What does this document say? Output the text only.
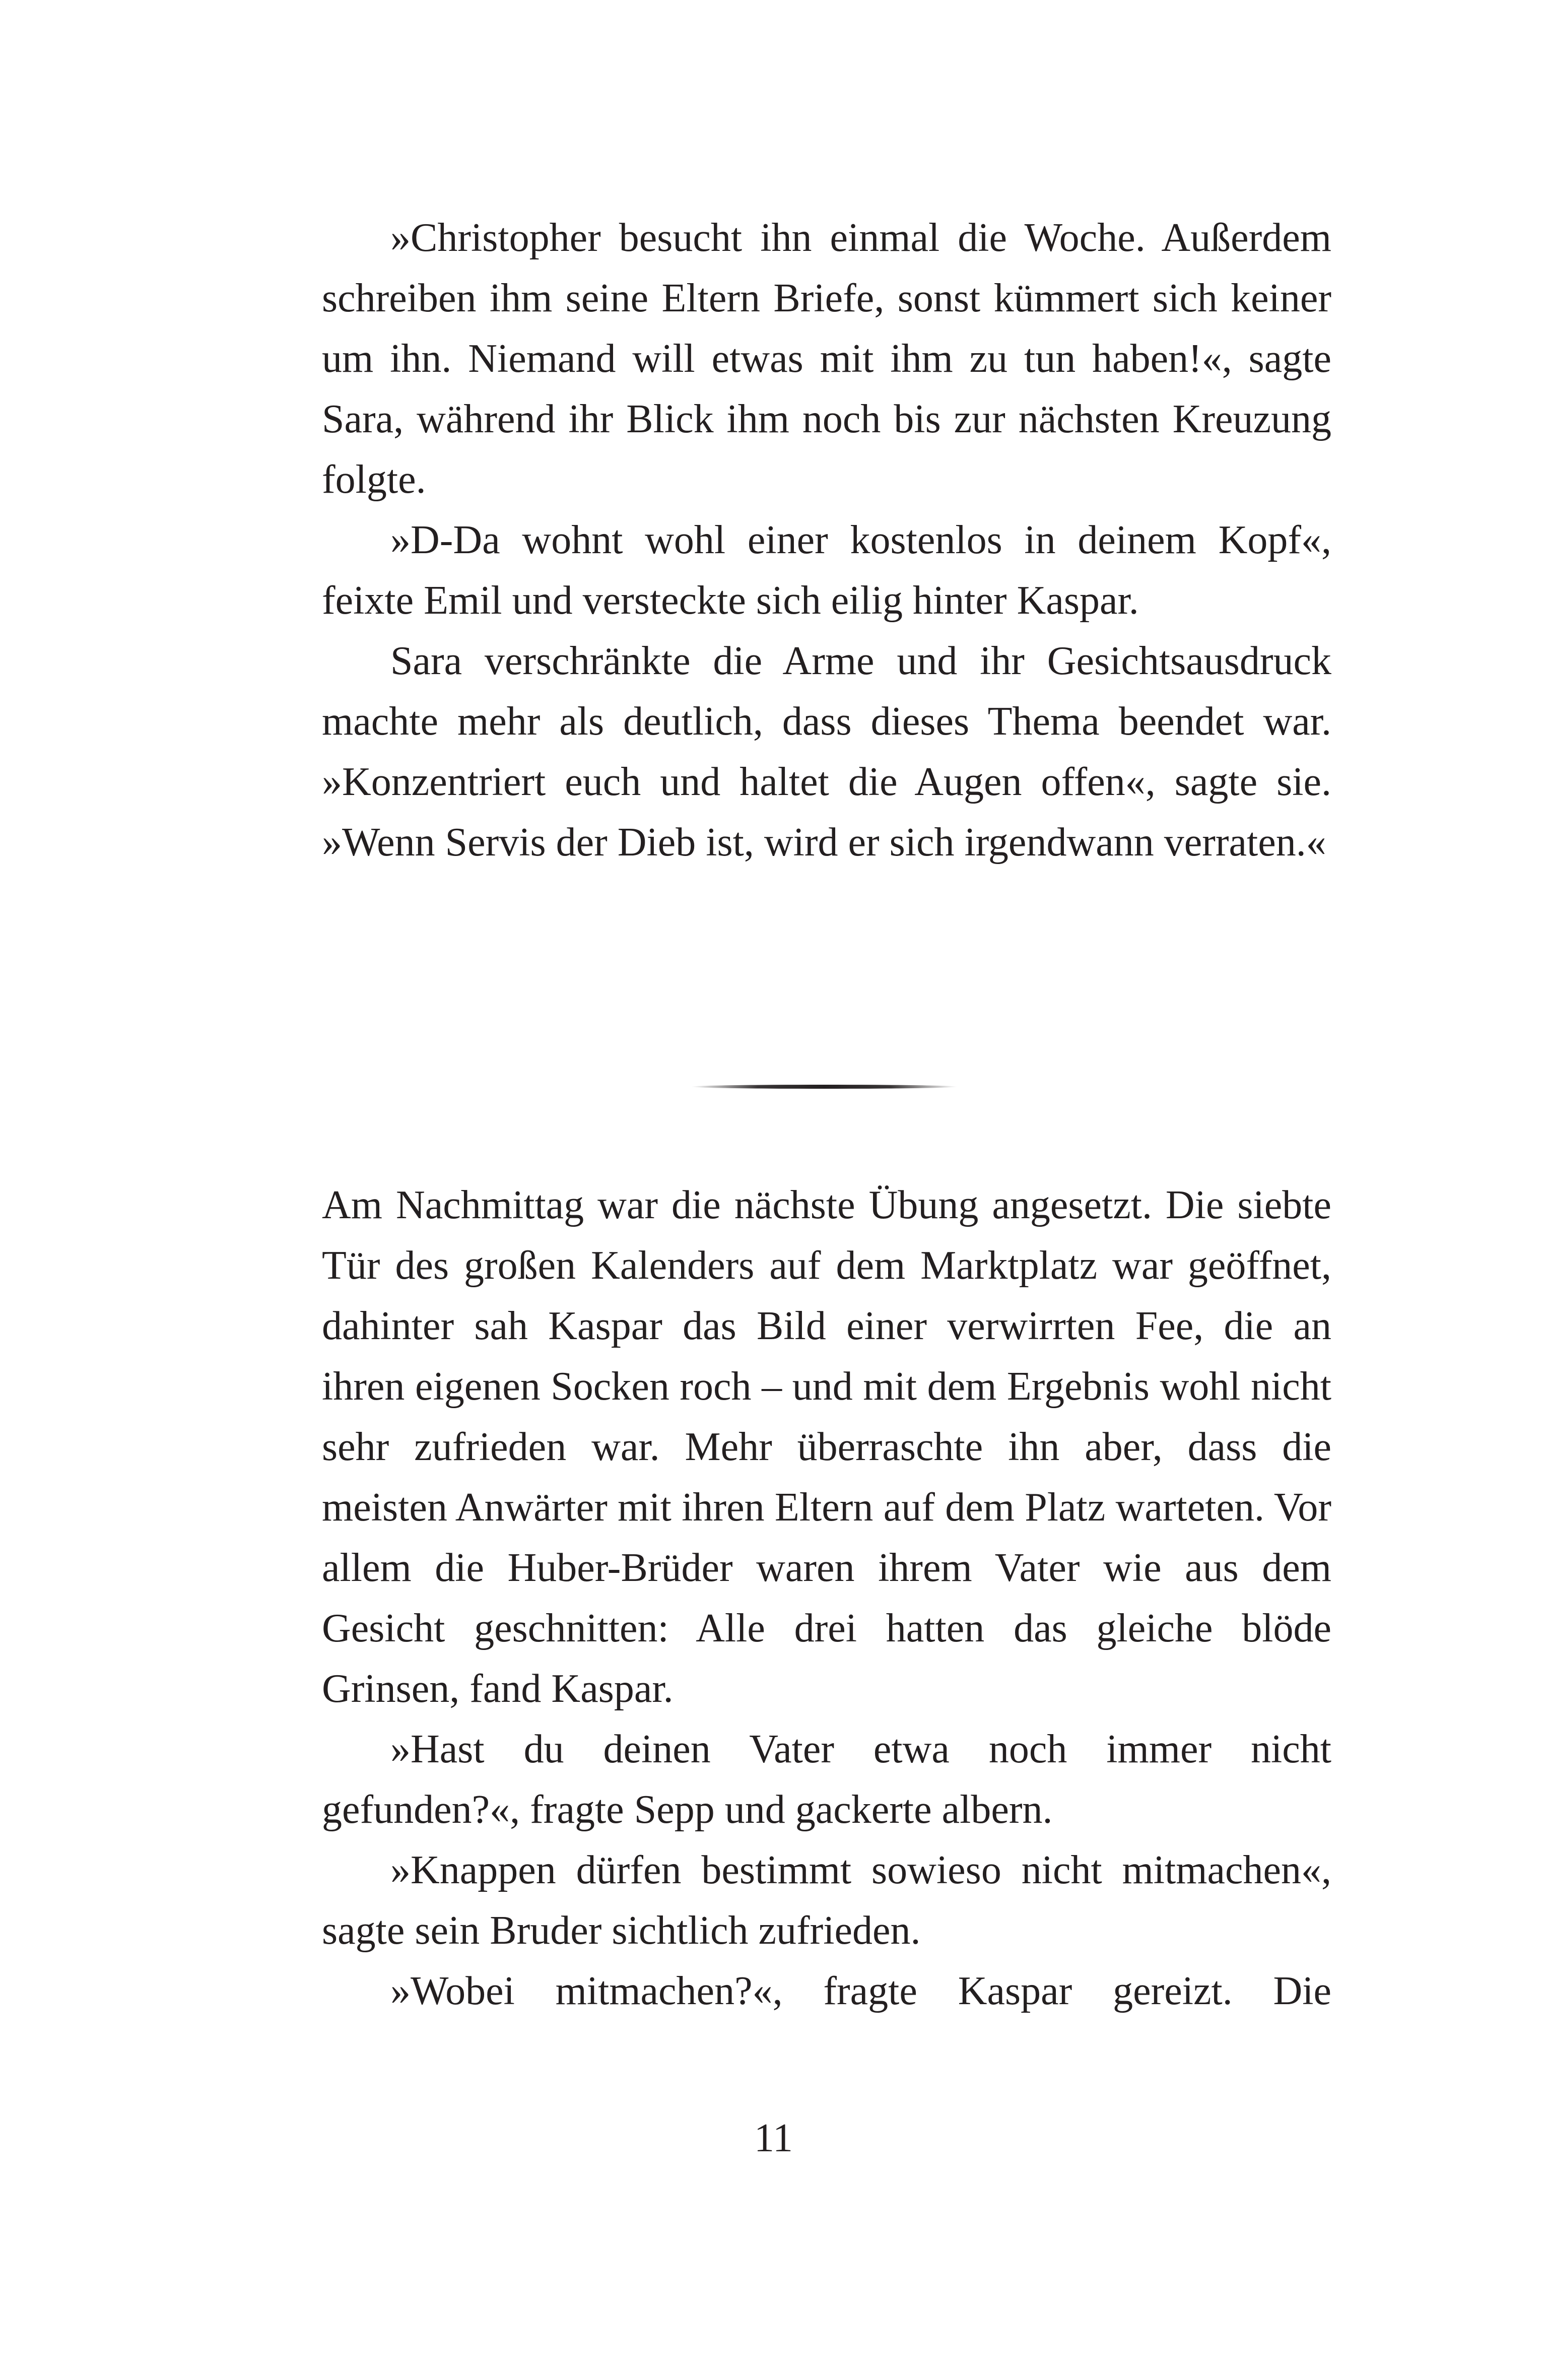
»Christopher besucht ihn einmal die Woche. Außerdem schreiben ihm seine Eltern Briefe, sonst kümmert sich keiner um ihn. Niemand will etwas mit ihm zu tun haben!«, sagte Sara, während ihr Blick ihm noch bis zur nächsten Kreuzung folgte.

»D-Da wohnt wohl einer kostenlos in deinem Kopf«, feixte Emil und versteckte sich eilig hinter Kaspar.

Sara verschränkte die Arme und ihr Gesichtsausdruck machte mehr als deutlich, dass dieses Thema beendet war. »Konzentriert euch und haltet die Augen offen«, sagte sie. »Wenn Servis der Dieb ist, wird er sich irgendwann verraten.«

Am Nachmittag war die nächste Übung angesetzt. Die siebte Tür des großen Kalenders auf dem Marktplatz war geöffnet, dahinter sah Kaspar das Bild einer verwirrten Fee, die an ihren eigenen Socken roch – und mit dem Ergebnis wohl nicht sehr zufrieden war. Mehr überraschte ihn aber, dass die meisten Anwärter mit ihren Eltern auf dem Platz warteten. Vor allem die Huber-Brüder waren ihrem Vater wie aus dem Gesicht geschnitten: Alle drei hatten das gleiche blöde Grinsen, fand Kaspar.

»Hast du deinen Vater etwa noch immer nicht gefunden?«, fragte Sepp und gackerte albern.

»Knappen dürfen bestimmt sowieso nicht mitmachen«, sagte sein Bruder sichtlich zufrieden.

»Wobei mitmachen?«, fragte Kaspar gereizt. Die

11
